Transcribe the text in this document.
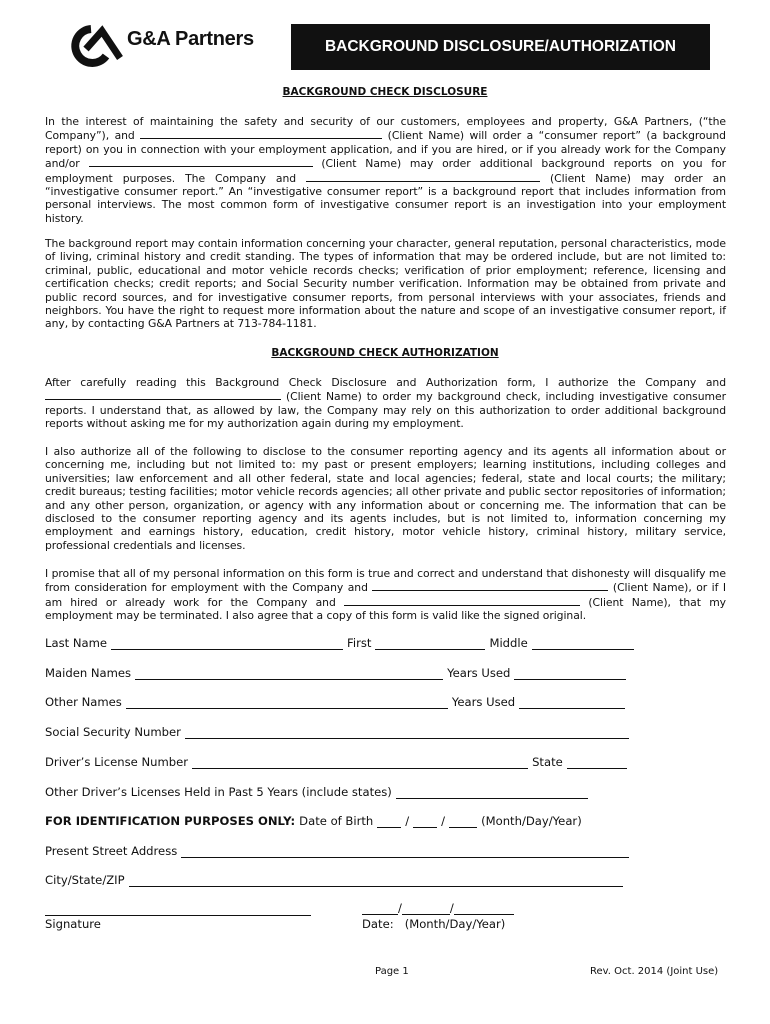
G&A Partners	BACKGROUND DISCLOSURE/AUTHORIZATION
BACKGROUND CHECK DISCLOSURE

In the interest of maintaining the safety and security of our customers, employees and property, G&A Partners, (“the Company”), and	(Client Name) will order a “consumer report” (a background report) on you in connection with your employment application, and if you are hired, or if you already work for the Company and/or	(Client Name) may order additional background reports on you for employment purposes. The Company and	(Client Name) may order an “investigative consumer report.” An “investigative consumer report” is a background report that includes information from personal interviews. The most common form of investigative consumer report is an investigation into your employment history.

The background report may contain information concerning your character, general reputation, personal characteristics, mode of living, criminal history and credit standing. The types of information that may be ordered include, but are not limited to: criminal, public, educational and motor vehicle records checks; verification of prior employment; reference, licensing and certification checks; credit reports; and Social Security number verification. Information may be obtained from private and public record sources, and for investigative consumer reports, from personal interviews with your associates, friends and neighbors. You have the right to request more information about the nature and scope of an investigative consumer report, if any, by contacting G&A Partners at 713-784-1181.

BACKGROUND CHECK AUTHORIZATION

After carefully reading this Background Check Disclosure and Authorization form, I authorize the Company and  (Client Name) to order my background check, including investigative consumer reports. I understand that, as allowed by law, the Company may rely on this authorization to order additional background reports without asking me for my authorization again during my employment.

I also authorize all of the following to disclose to the consumer reporting agency and its agents all information about or concerning me, including but not limited to: my past or present employers; learning institutions, including colleges and universities; law enforcement and all other federal, state and local agencies; federal, state and local courts; the military; credit bureaus; testing facilities; motor vehicle records agencies; all other private and public sector repositories of information; and any other person, organization, or agency with any information about or concerning me. The information that can be disclosed to the consumer reporting agency and its agents includes, but is not limited to, information concerning my employment and earnings history, education, credit history, motor vehicle history, criminal history, military service, professional credentials and licenses.

I promise that all of my personal information on this form is true and correct and understand that dishonesty will disqualify me from consideration for employment with the Company and	(Client Name), or if I am hired or already work for the Company and	(Client Name), that my employment may be terminated. I also agree that a copy of this form is valid like the signed original.

Last Name	First	Middle
Maiden Names	Years Used
Other Names	Years Used
Social Security Number
Driver’s License Number	State
Other Driver’s Licenses Held in Past 5 Years (include states)
FOR IDENTIFICATION PURPOSES ONLY: Date of Birth	/	/	(Month/Day/Year)
Present Street Address
City/State/ZIP
Signature
/	/
Date: (Month/Day/Year)
Page 1	Rev. Oct. 2014 (Joint Use)
